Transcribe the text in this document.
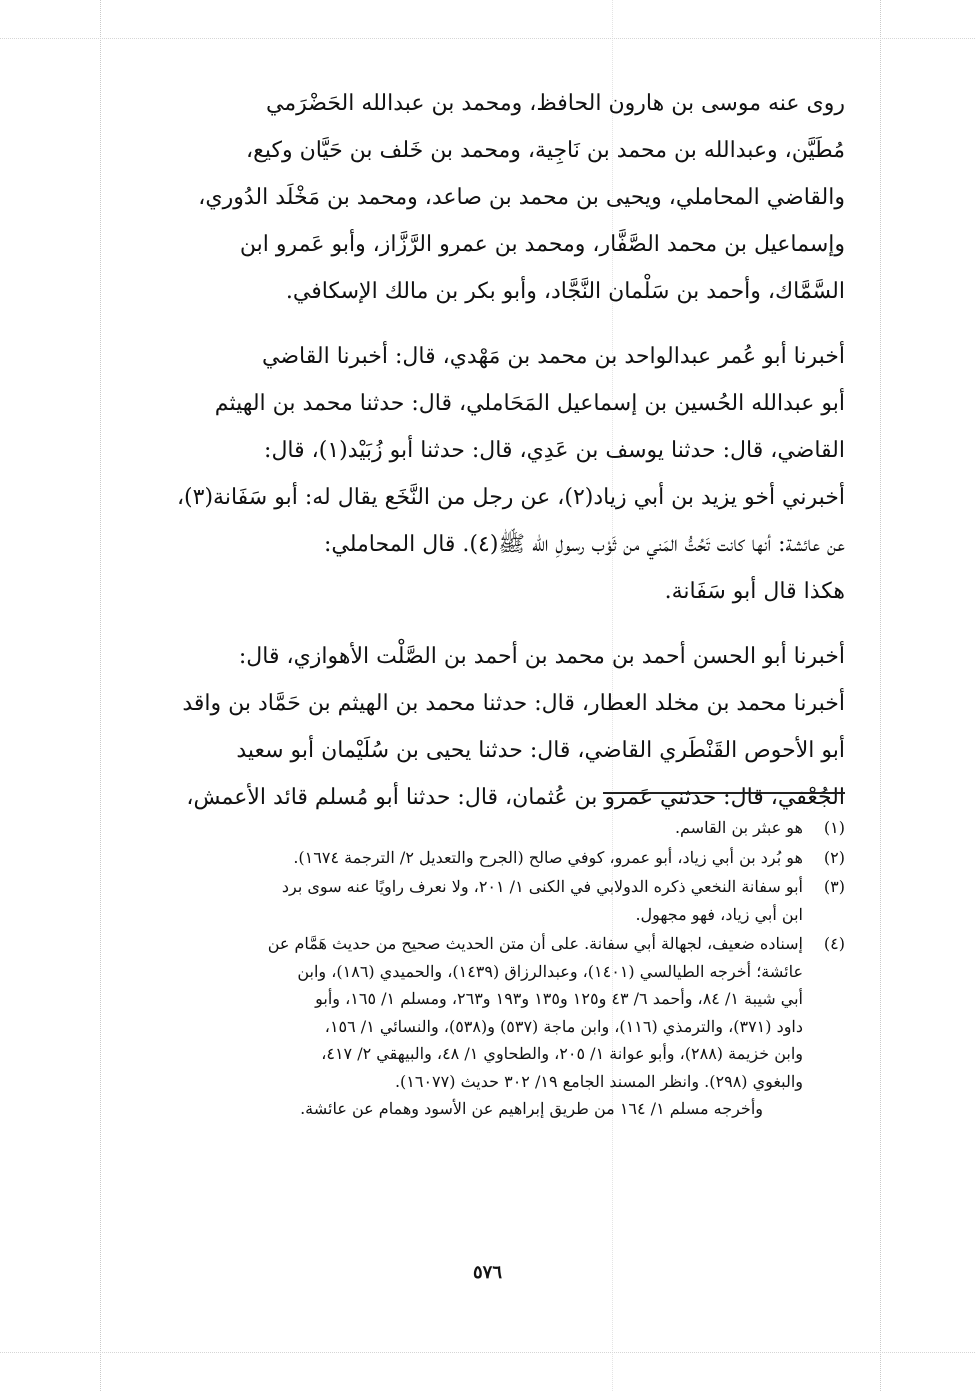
روى عنه موسى بن هارون الحافظ، ومحمد بن عبدالله الحَضْرَمي

مُطَيَّن، وعبدالله بن محمد بن نَاجِية، ومحمد بن خَلف بن حَيَّان وكيع،

والقاضي المحاملي، ويحيى بن محمد بن صاعد، ومحمد بن مَخْلَد الدُوري،

وإسماعيل بن محمد الصَّفَّار، ومحمد بن عمرو الرَّزَّاز، وأبو عَمرو ابن

السَّمَّاك، وأحمد بن سَلْمان النَّجَّاد، وأبو بكر بن مالك الإسكافي.

أخبرنا أبو عُمر عبدالواحد بن محمد بن مَهْدي، قال: أخبرنا القاضي

أبو عبدالله الحُسين بن إسماعيل المَحَاملي، قال: حدثنا محمد بن الهيثم

القاضي، قال: حدثنا يوسف بن عَدِي، قال: حدثنا أبو زُبَيْد(١)، قال:

أخبرني أخو يزيد بن أبي زياد(٢)، عن رجل من النَّخَع يقال له: أبو سَفَانة(٣)،

عن عائشة: أنها كانت تَحُتُّ المَني من ثَوْب رسولِ الله ﷺ(٤). قال المحاملي:

هكذا قال أبو سَفَانة.

أخبرنا أبو الحسن أحمد بن محمد بن أحمد بن الصَّلْت الأهوازي، قال:

أخبرنا محمد بن مخلد العطار، قال: حدثنا محمد بن الهيثم بن حَمَّاد بن واقد

أبو الأحوص القَنْطَري القاضي، قال: حدثنا يحيى بن سُلَيْمان أبو سعيد

الجُعْفي، قال: حدثني عَمرو بن عُثمان، قال: حدثنا أبو مُسلم قائد الأعمش،

(١)
هو عبثر بن القاسم.
(٢)
هو بُرد بن أبي زياد، أبو عمرو، كوفي صالح (الجرح والتعديل ٢/ الترجمة ١٦٧٤).
(٣)
أبو سفانة النخعي ذكره الدولابي في الكنى ١/ ٢٠١، ولا نعرف راويًا عنه سوى برد
ابن أبي زياد، فهو مجهول.
(٤)
إسناده ضعيف، لجهالة أبي سفانة. على أن متن الحديث صحيح من حديث هَمَّام عن
عائشة؛ أخرجه الطيالسي (١٤٠١)، وعبدالرزاق (١٤٣٩)، والحميدي (١٨٦)، وابن
أبي شيبة ١/ ٨٤، وأحمد ٦/ ٤٣ و١٢٥ و١٣٥ و١٩٣ و٢٦٣، ومسلم ١/ ١٦٥، وأبو
داود (٣٧١)، والترمذي (١١٦)، وابن ماجة (٥٣٧) و(٥٣٨)، والنسائي ١/ ١٥٦،
وابن خزيمة (٢٨٨)، وأبو عوانة ١/ ٢٠٥، والطحاوي ١/ ٤٨، والبيهقي ٢/ ٤١٧،
والبغوي (٢٩٨). وانظر المسند الجامع ١٩/ ٣٠٢ حديث (١٦٠٧٧).
وأخرجه مسلم ١/ ١٦٤ من طريق إبراهيم عن الأسود وهمام عن عائشة.
٥٧٦
